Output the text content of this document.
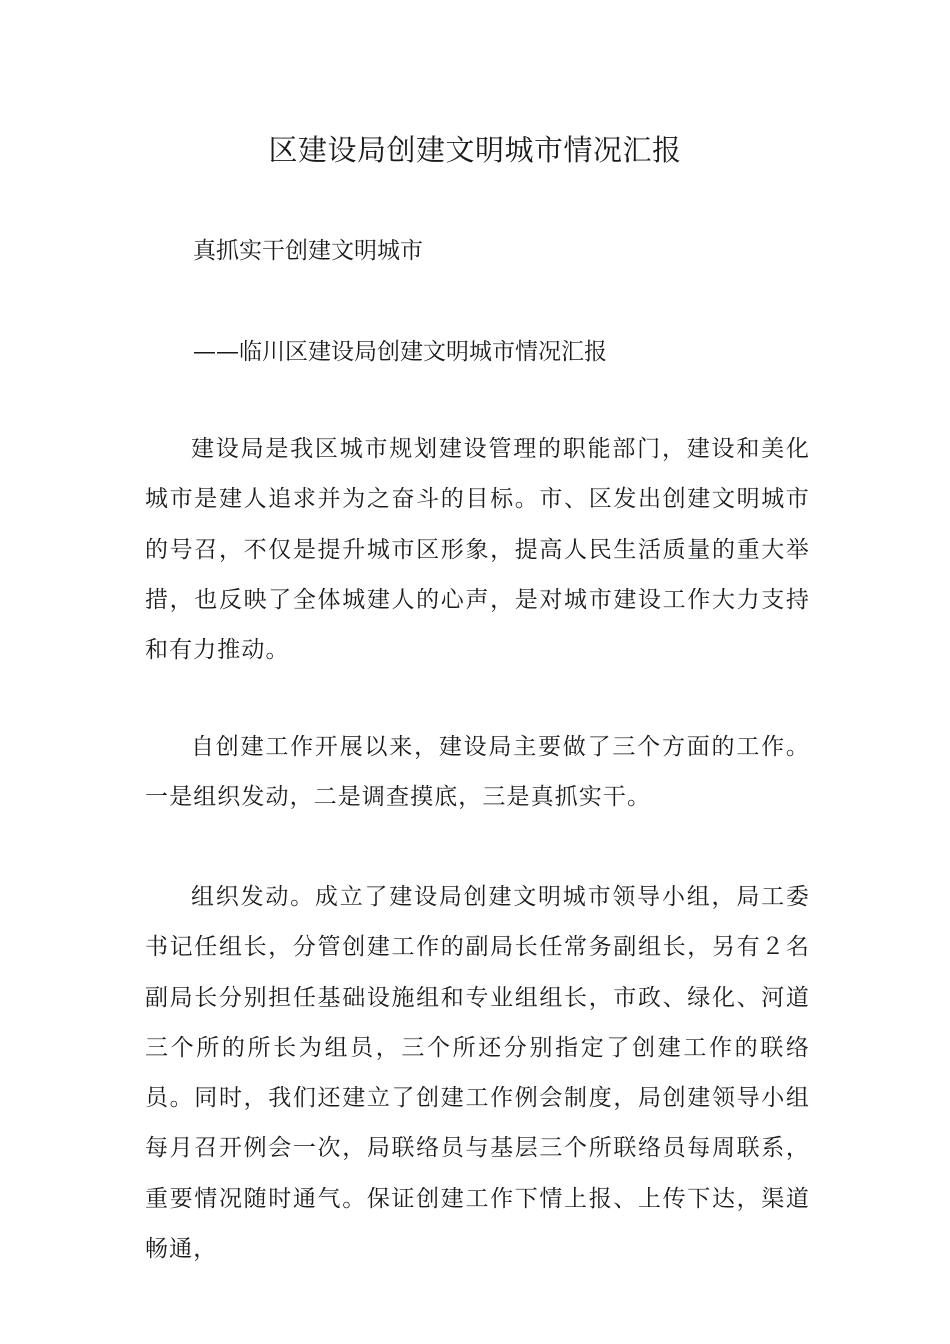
区建设局创建文明城市情况汇报

真抓实干创建文明城市

——临川区建设局创建文明城市情况汇报

建设局是我区城市规划建设管理的职能部门，建设和美化城市是建人追求并为之奋斗的目标。市、区发出创建文明城市的号召，不仅是提升城市区形象，提高人民生活质量的重大举措，也反映了全体城建人的心声，是对城市建设工作大力支持和有力推动。

自创建工作开展以来，建设局主要做了三个方面的工作。一是组织发动，二是调查摸底，三是真抓实干。

组织发动。成立了建设局创建文明城市领导小组，局工委书记任组长，分管创建工作的副局长任常务副组长，另有２名副局长分别担任基础设施组和专业组组长，市政、绿化、河道三个所的所长为组员，三个所还分别指定了创建工作的联络员。同时，我们还建立了创建工作例会制度，局创建领导小组每月召开例会一次，局联络员与基层三个所联络员每周联系，重要情况随时通气。保证创建工作下情上报、上传下达，渠道畅通，
